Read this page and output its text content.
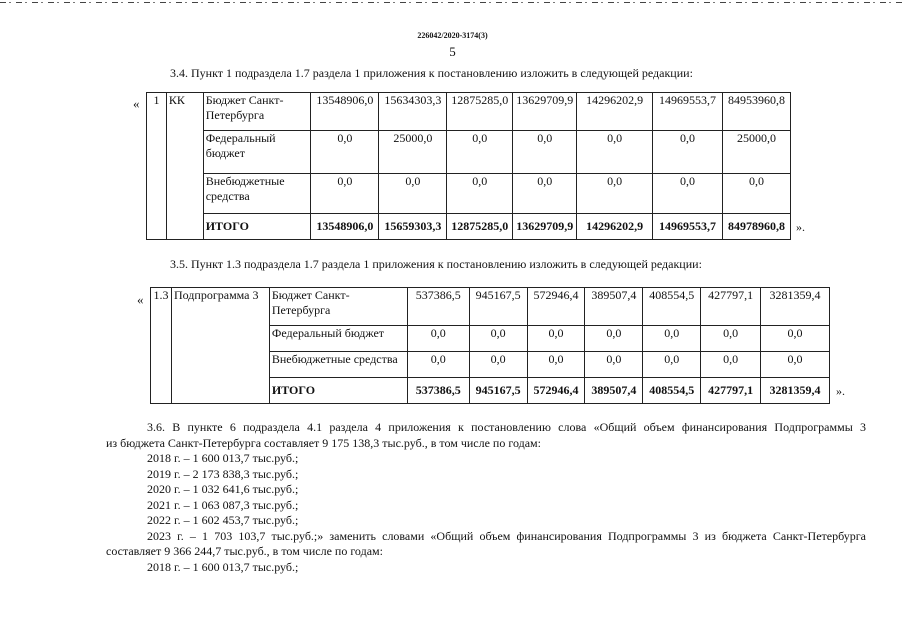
226042/2020-3174(3)
5
3.4. Пункт 1 подраздела 1.7 раздела 1 приложения к постановлению изложить в следующей редакции:
« 1	КК	Бюджет Санкт-Петербурга	13548906,0	15634303,3	12875285,0	13629709,9	14296202,9	14969553,7	84953960,8
		Федеральный бюджет	0,0	25000,0	0,0	0,0	0,0	0,0	25000,0
		Внебюджетные средства	0,0	0,0	0,0	0,0	0,0	0,0	0,0
		ИТОГО	13548906,0	15659303,3	12875285,0	13629709,9	14296202,9	14969553,7	84978960,8 ».
3.5. Пункт 1.3 подраздела 1.7 раздела 1 приложения к постановлению изложить в следующей редакции:
« 1.3	Подпрограмма 3	Бюджет Санкт-Петербурга	537386,5	945167,5	572946,4	389507,4	408554,5	427797,1	3281359,4
		Федеральный бюджет	0,0	0,0	0,0	0,0	0,0	0,0	0,0
		Внебюджетные средства	0,0	0,0	0,0	0,0	0,0	0,0	0,0
		ИТОГО	537386,5	945167,5	572946,4	389507,4	408554,5	427797,1	3281359,4 ».
3.6. В пункте 6 подраздела 4.1 раздела 4 приложения к постановлению слова «Общий объем финансирования Подпрограммы 3
из бюджета Санкт-Петербурга составляет 9 175 138,3 тыс.руб., в том числе по годам:
2018 г. – 1 600 013,7 тыс.руб.;
2019 г. – 2 173 838,3 тыс.руб.;
2020 г. – 1 032 641,6 тыс.руб.;
2021 г. – 1 063 087,3 тыс.руб.;
2022 г. – 1 602 453,7 тыс.руб.;
2023 г. – 1 703 103,7 тыс.руб.;» заменить словами «Общий объем финансирования Подпрограммы 3 из бюджета Санкт-Петербурга
составляет 9 366 244,7 тыс.руб., в том числе по годам:
2018 г. – 1 600 013,7 тыс.руб.;
